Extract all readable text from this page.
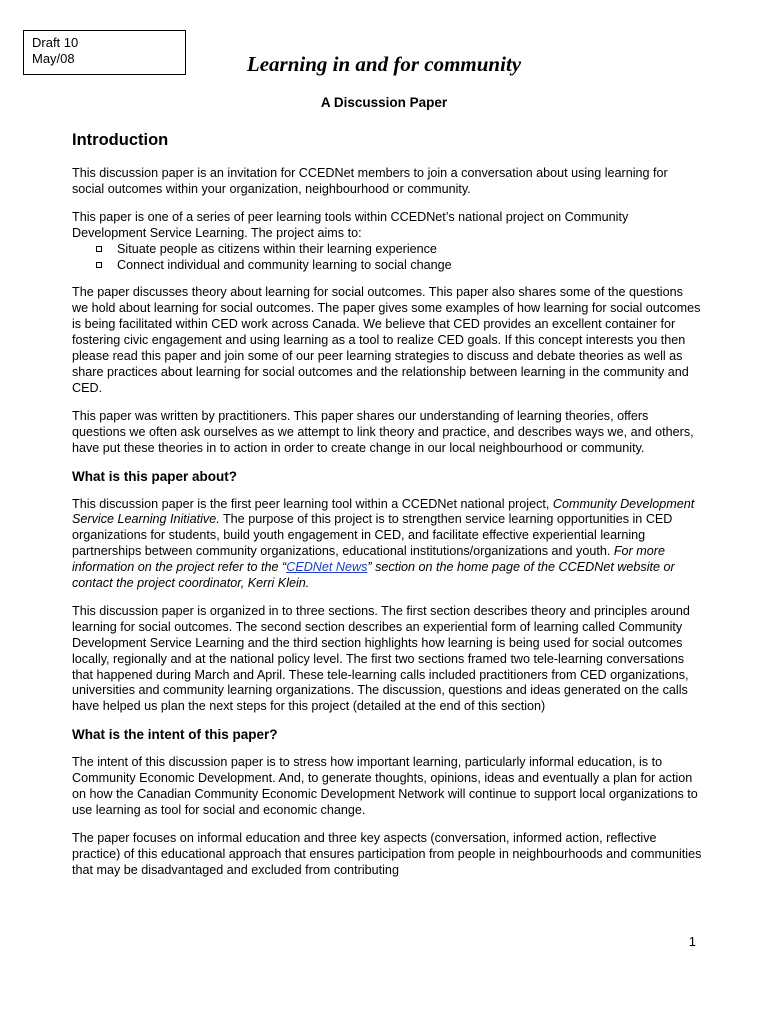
Draft 10
May/08	Learning in and for community
A Discussion Paper
Introduction

This discussion paper is an invitation for CCEDNet members to join a conversation about using learning for social outcomes within your organization, neighbourhood or community.

This paper is one of a series of peer learning tools within CCEDNet’s national project on Community Development Service Learning. The project aims to:

Situate people as citizens within their learning experience
Connect individual and community learning to social change

The paper discusses theory about learning for social outcomes. This paper also shares some of the questions we hold about learning for social outcomes. The paper gives some examples of how learning for social outcomes is being facilitated within CED work across Canada. We believe that CED provides an excellent container for fostering civic engagement and using learning as a tool to realize CED goals. If this concept interests you then please read this paper and join some of our peer learning strategies to discuss and debate theories as well as share practices about learning for social outcomes and the relationship between learning in the community and CED.

This paper was written by practitioners. This paper shares our understanding of learning theories, offers questions we often ask ourselves as we attempt to link theory and practice, and describes ways we, and others, have put these theories in to action in order to create change in our local neighbourhood or community.

What is this paper about?

This discussion paper is the first peer learning tool within a CCEDNet national project, Community Development Service Learning Initiative. The purpose of this project is to strengthen service learning opportunities in CED organizations for students, build youth engagement in CED, and facilitate effective experiential learning partnerships between community organizations, educational institutions/organizations and youth. For more information on the project refer to the “CEDNet News” section on the home page of the CCEDNet website or contact the project coordinator, Kerri Klein.

This discussion paper is organized in to three sections. The first section describes theory and principles around learning for social outcomes. The second section describes an experiential form of learning called Community Development Service Learning and the third section highlights how learning is being used for social outcomes locally, regionally and at the national policy level. The first two sections framed two tele-learning conversations that happened during March and April. These tele-learning calls included practitioners from CED organizations, universities and community learning organizations. The discussion, questions and ideas generated on the calls have helped us plan the next steps for this project (detailed at the end of this section)

What is the intent of this paper?

The intent of this discussion paper is to stress how important learning, particularly informal education, is to Community Economic Development. And, to generate thoughts, opinions, ideas and eventually a plan for action on how the Canadian Community Economic Development Network will continue to support local organizations to use learning as tool for social and economic change.

The paper focuses on informal education and three key aspects (conversation, informed action, reflective practice) of this educational approach that ensures participation from people in neighbourhoods and communities that may be disadvantaged and excluded from contributing

1
